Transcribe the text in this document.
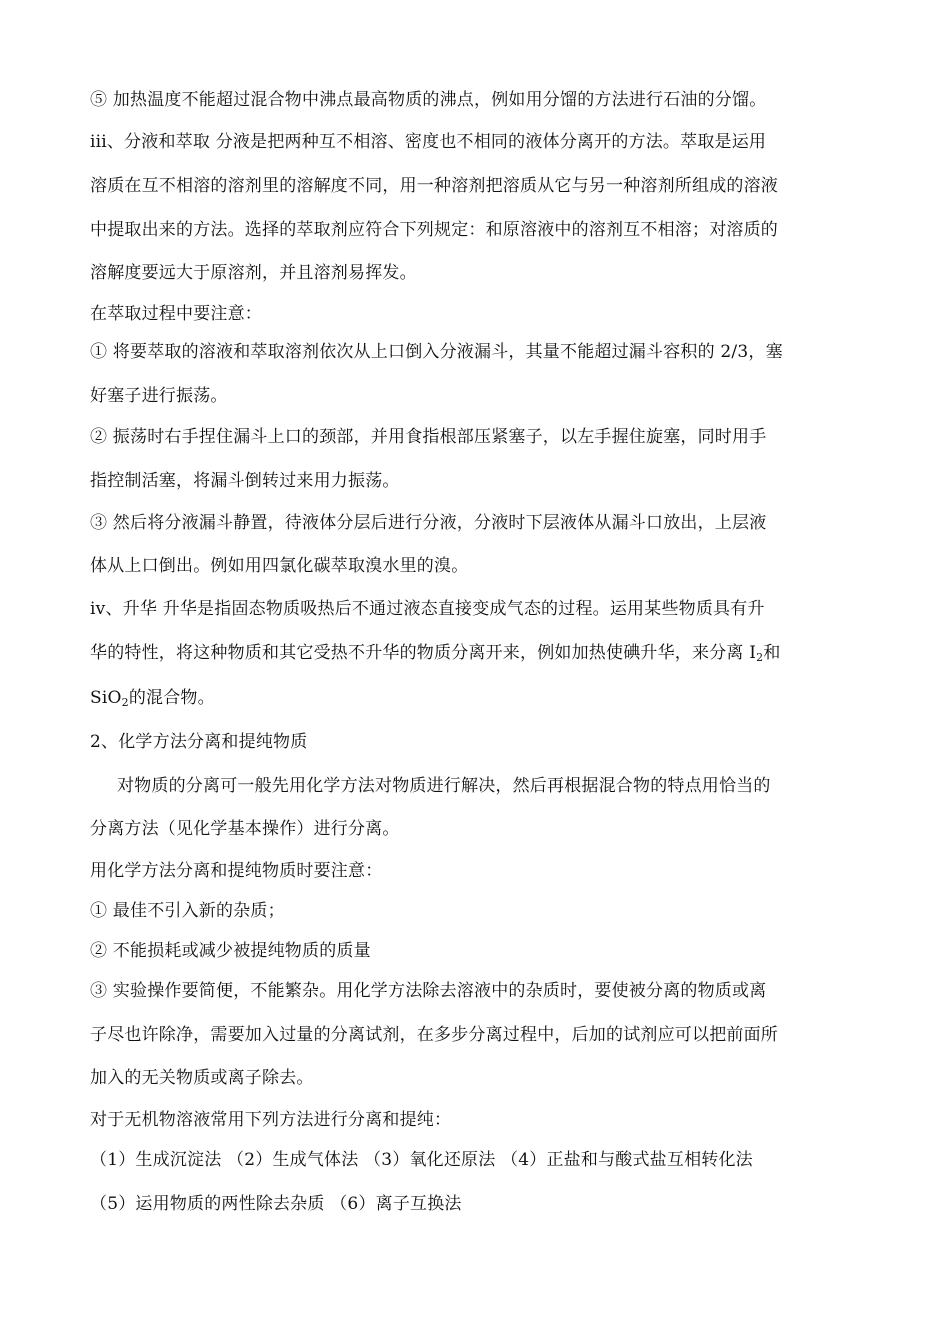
⑤ 加热温度不能超过混合物中沸点最高物质的沸点，例如用分馏的方法进行石油的分馏。
iii、分液和萃取 分液是把两种互不相溶、密度也不相同的液体分离开的方法。萃取是运用
溶质在互不相溶的溶剂里的溶解度不同，用一种溶剂把溶质从它与另一种溶剂所组成的溶液
中提取出来的方法。选择的萃取剂应符合下列规定：和原溶液中的溶剂互不相溶；对溶质的
溶解度要远大于原溶剂，并且溶剂易挥发。
在萃取过程中要注意：
① 将要萃取的溶液和萃取溶剂依次从上口倒入分液漏斗，其量不能超过漏斗容积的 2/3，塞
好塞子进行振荡。
② 振荡时右手捏住漏斗上口的颈部，并用食指根部压紧塞子，以左手握住旋塞，同时用手
指控制活塞，将漏斗倒转过来用力振荡。
③ 然后将分液漏斗静置，待液体分层后进行分液，分液时下层液体从漏斗口放出，上层液
体从上口倒出。例如用四氯化碳萃取溴水里的溴。
iv、升华 升华是指固态物质吸热后不通过液态直接变成气态的过程。运用某些物质具有升
华的特性，将这种物质和其它受热不升华的物质分离开来，例如加热使碘升华，来分离 $I_2$和
SiO$_2$的混合物。
2、化学方法分离和提纯物质
对物质的分离可一般先用化学方法对物质进行解决，然后再根据混合物的特点用恰当的
分离方法（见化学基本操作）进行分离。
用化学方法分离和提纯物质时要注意：
① 最佳不引入新的杂质；
② 不能损耗或减少被提纯物质的质量
③ 实验操作要简便，不能繁杂。用化学方法除去溶液中的杂质时，要使被分离的物质或离
子尽也许除净，需要加入过量的分离试剂，在多步分离过程中，后加的试剂应可以把前面所
加入的无关物质或离子除去。
对于无机物溶液常用下列方法进行分离和提纯：
（1）生成沉淀法 （2）生成气体法 （3）氧化还原法 （4）正盐和与酸式盐互相转化法
（5）运用物质的两性除去杂质 （6）离子互换法
